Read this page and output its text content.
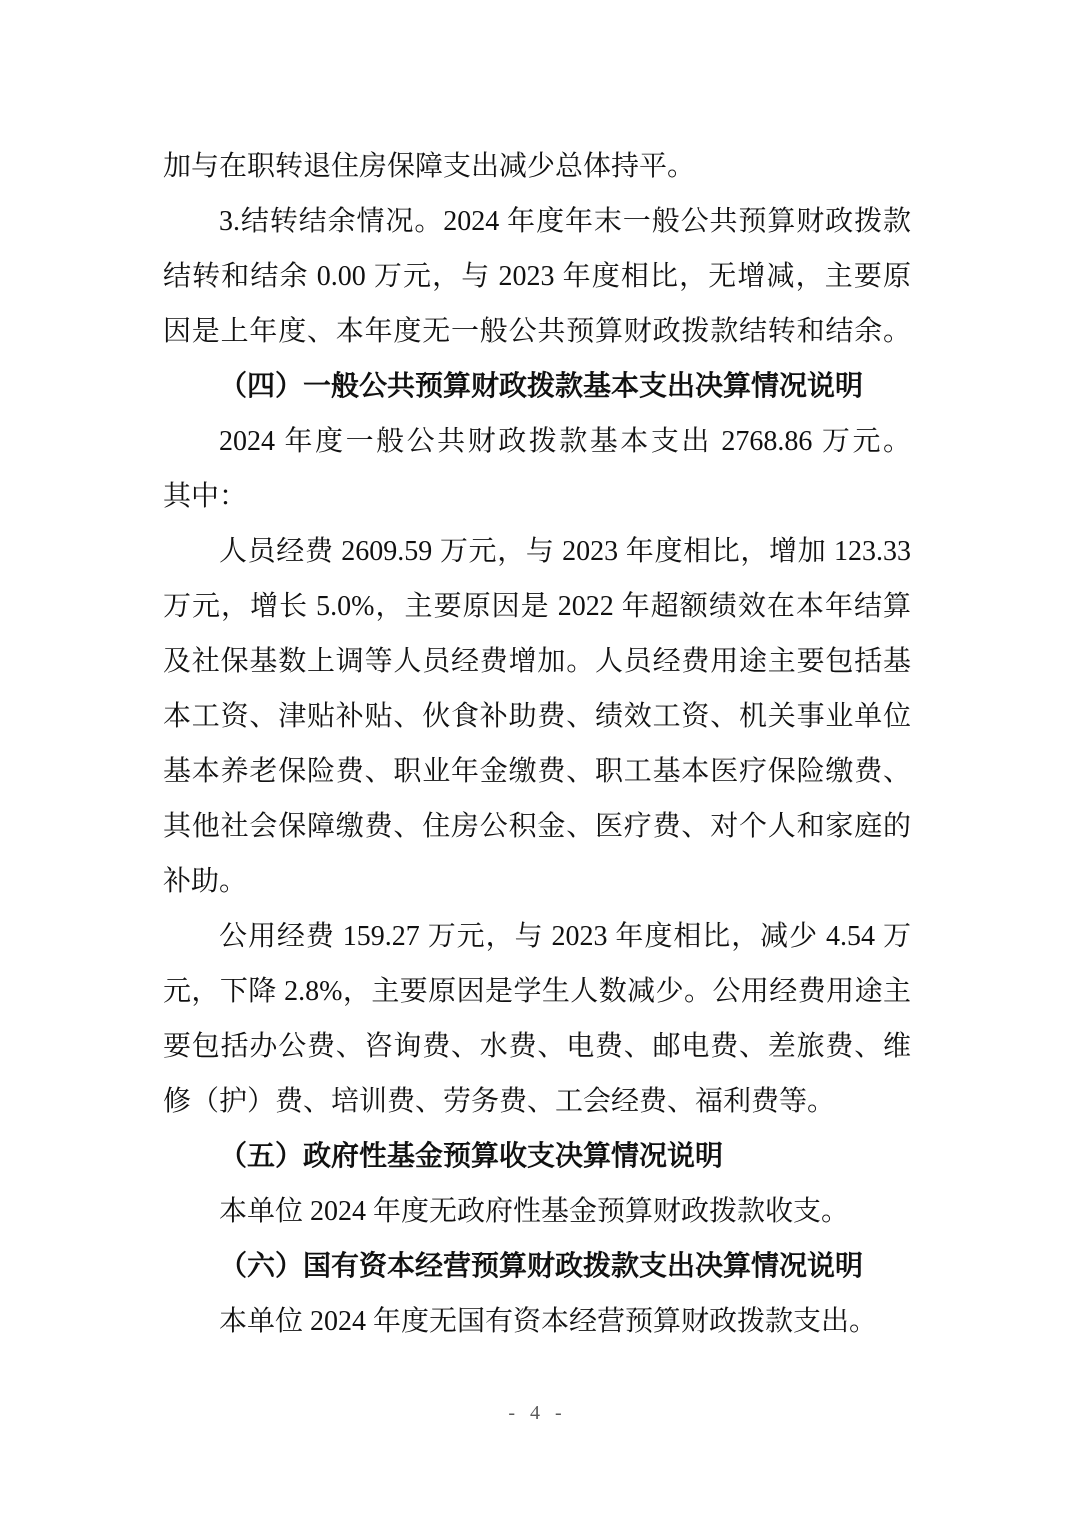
加与在职转退住房保障支出减少总体持平。
3.结转结余情况。2024 年度年末一般公共预算财政拨款
结转和结余 0.00 万元，与 2023 年度相比，无增减，主要原
因是上年度、本年度无一般公共预算财政拨款结转和结余。
（四）一般公共预算财政拨款基本支出决算情况说明
2024 年度一般公共财政拨款基本支出 2768.86 万元。
其中：
人员经费 2609.59 万元，与 2023 年度相比，增加 123.33
万元，增长 5.0%，主要原因是 2022 年超额绩效在本年结算
及社保基数上调等人员经费增加。人员经费用途主要包括基
本工资、津贴补贴、伙食补助费、绩效工资、机关事业单位
基本养老保险费、职业年金缴费、职工基本医疗保险缴费、
其他社会保障缴费、住房公积金、医疗费、对个人和家庭的
补助。
公用经费 159.27 万元，与 2023 年度相比，减少 4.54 万
元，下降 2.8%，主要原因是学生人数减少。公用经费用途主
要包括办公费、咨询费、水费、电费、邮电费、差旅费、维
修（护）费、培训费、劳务费、工会经费、福利费等。
（五）政府性基金预算收支决算情况说明
本单位 2024 年度无政府性基金预算财政拨款收支。
（六）国有资本经营预算财政拨款支出决算情况说明
本单位 2024 年度无国有资本经营预算财政拨款支出。
- 4 -
